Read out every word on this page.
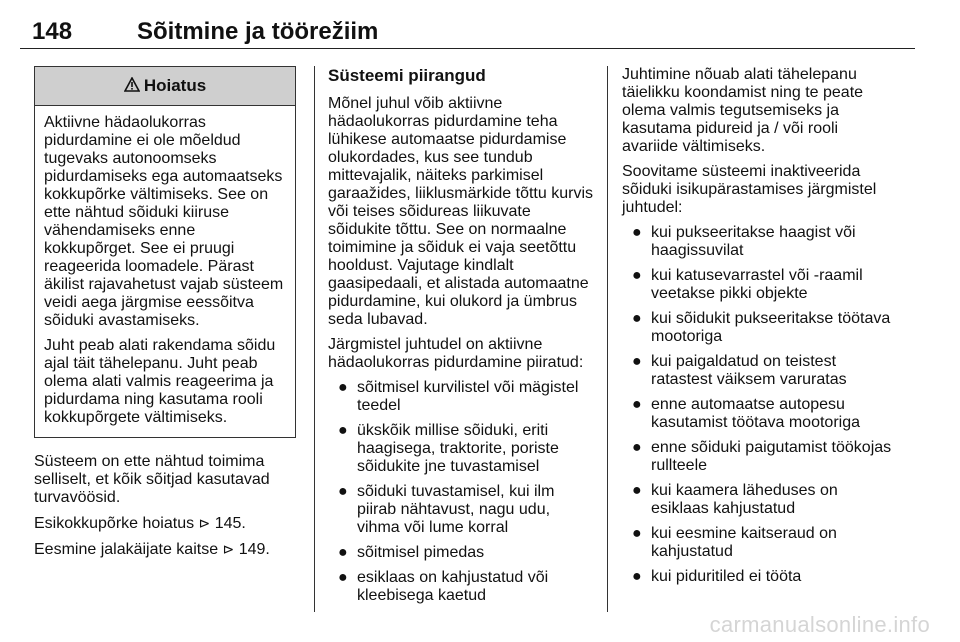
148	Sõitmine ja töörežiim
Hoiatus

Aktiivne hädaolukorras pidurdamine ei ole mõeldud tugevaks autonoomseks pidurdamiseks ega automaatseks kokkupõrke vältimiseks. See on ette nähtud sõiduki kiiruse vähendamiseks enne kokkupõrget. See ei pruugi reageerida loomadele. Pärast äkilist rajavahetust vajab süsteem veidi aega järgmise eessõitva sõiduki avastamiseks.

Juht peab alati rakendama sõidu ajal täit tähelepanu. Juht peab olema alati valmis reageerima ja pidurdama ning kasutama rooli kokkupõrgete vältimiseks.

Süsteem on ette nähtud toimima selliselt, et kõik sõitjad kasutavad turvavöösid.

Esikokkupõrke hoiatus ⊳ 145.

Eesmine jalakäijate kaitse ⊳ 149.

Süsteemi piirangud

Mõnel juhul võib aktiivne hädaolukorras pidurdamine teha lühikese automaatse pidurdamise olukordades, kus see tundub mittevajalik, näiteks parkimisel garaažides, liiklusmärkide tõttu kurvis või teises sõidureas liikuvate sõidukite tõttu. See on normaalne toimimine ja sõiduk ei vaja seetõttu hooldust. Vajutage kindlalt gaasipedaali, et alistada automaatne pidurdamine, kui olukord ja ümbrus seda lubavad.

Järgmistel juhtudel on aktiivne hädaolukorras pidurdamine piiratud:

● sõitmisel kurvilistel või mägistel teedel
● ükskõik millise sõiduki, eriti haagisega, traktorite, poriste sõidukite jne tuvastamisel
● sõiduki tuvastamisel, kui ilm piirab nähtavust, nagu udu, vihma või lume korral
● sõitmisel pimedas
● esiklaas on kahjustatud või kleebisega kaetud

Juhtimine nõuab alati tähelepanu täielikku koondamist ning te peate olema valmis tegutsemiseks ja kasutama pidureid ja / või rooli avariide vältimiseks.

Soovitame süsteemi inaktiveerida sõiduki isikupärastamises järgmistel juhtudel:

● kui pukseeritakse haagist või haagissuvilat
● kui katusevarrastel või -raamil veetakse pikki objekte
● kui sõidukit pukseeritakse töötava mootoriga
● kui paigaldatud on teistest ratastest väiksem varuratas
● enne automaatse autopesu kasutamist töötava mootoriga
● enne sõiduki paigutamist töökojas rullteele
● kui kaamera läheduses on esiklaas kahjustatud
● kui eesmine kaitseraud on kahjustatud
● kui piduritiled ei tööta
carmanualsonline.info
